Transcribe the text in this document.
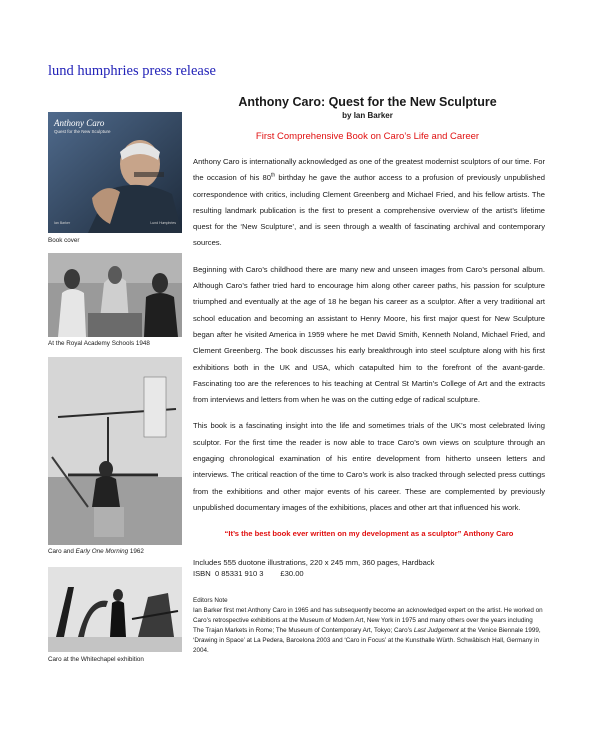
lund humphries press release
Anthony Caro
Quest for the New Sculpture
Ian Barker	Lund Humphries
Book cover
At the Royal Academy Schools 1948
Caro and Early One Morning 1962
Caro at the Whitechapel exhibition
Anthony Caro: Quest for the New Sculpture
by Ian Barker
First Comprehensive Book on Caro’s Life and Career

Anthony Caro is internationally acknowledged as one of the greatest modernist sculptors of our time. For the occasion of his 80th birthday he gave the author access to a profusion of previously unpublished correspondence with critics, including Clement Greenberg and Michael Fried, and his fellow artists. The resulting landmark publication is the first to present a comprehensive overview of the artist’s lifetime quest for the ‘New Sculpture’, and is seen through a wealth of fascinating archival and contemporary sources.

Beginning with Caro’s childhood there are many new and unseen images from Caro’s personal album. Although Caro’s father tried hard to encourage him along other career paths, his passion for sculpture triumphed and eventually at the age of 18 he began his career as a sculptor. After a very traditional art school education and becoming an assistant to Henry Moore, his first major quest for New Sculpture began after he visited America in 1959 where he met David Smith, Kenneth Noland, Michael Fried, and Clement Greenberg. The book discusses his early breakthrough into steel sculpture along with his first exhibitions both in the UK and USA, which catapulted him to the forefront of the avant-garde. Fascinating too are the references to his teaching at Central St Martin’s College of Art and the extracts from interviews and letters from when he was on the cutting edge of radical sculpture.

This book is a fascinating insight into the life and sometimes trials of the UK’s most celebrated living sculptor. For the first time the reader is now able to trace Caro’s own views on sculpture through an engaging chronological examination of his entire development from hitherto unseen letters and interviews. The critical reaction of the time to Caro’s work is also tracked through selected press cuttings from the exhibitions and other major events of his career. These are complemented by previously unpublished documentary images of the exhibitions, places and other art that influenced his work.

“It’s the best book ever written on my development as a sculptor” Anthony Caro
Includes 555 duotone illustrations, 220 x 245 mm, 360 pages, Hardback
ISBN 0 85331 910 3 £30.00
Editors Note
Ian Barker first met Anthony Caro in 1965 and has subsequently become an acknowledged expert on the artist. He worked on Caro’s retrospective exhibitions at the Museum of Modern Art, New York in 1975 and many others over the years including The Trajan Markets in Rome; The Museum of Contemporary Art, Tokyo; Caro’s Last Judgement at the Venice Biennale 1999, ‘Drawing in Space’ at La Pedera, Barcelona 2003 and ‘Caro in Focus’ at the Kunsthalle Würth. Schwäbisch Hall, Germany in 2004.
